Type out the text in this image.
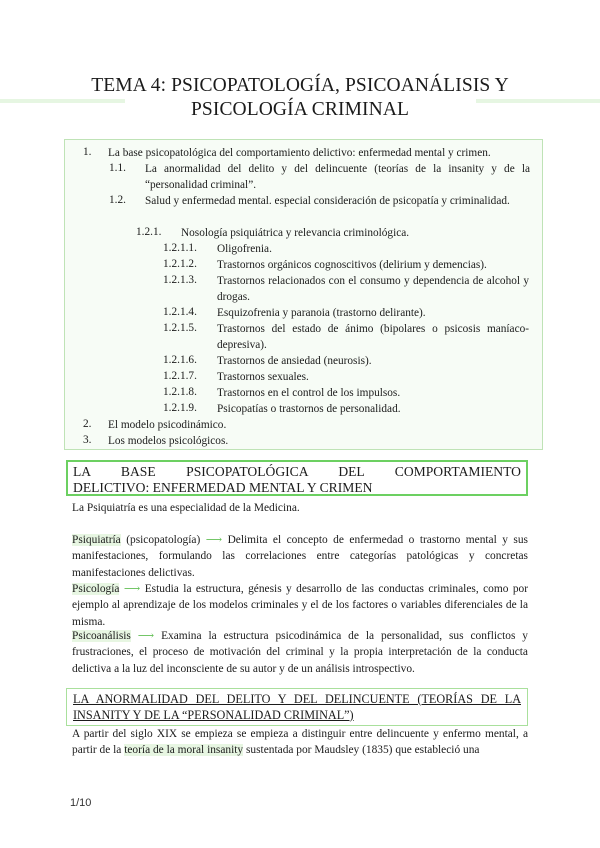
TEMA 4: PSICOPATOLOGÍA, PSICOANÁLISIS Y
PSICOLOGÍA CRIMINAL
1. La base psicopatológica del comportamiento delictivo: enfermedad mental y crimen.
1.1. La anormalidad del delito y del delincuente (teorías de la insanity y de la “personalidad criminal”.
1.2. Salud y enfermedad mental. especial consideración de psicopatía y criminalidad.
1.2.1. Nosología psiquiátrica y relevancia criminológica.
1.2.1.1. Oligofrenia.
1.2.1.2. Trastornos orgánicos cognoscitivos (delirium y demencias).
1.2.1.3. Trastornos relacionados con el consumo y dependencia de alcohol y drogas.
1.2.1.4. Esquizofrenia y paranoia (trastorno delirante).
1.2.1.5. Trastornos del estado de ánimo (bipolares o psicosis maníaco-depresiva).
1.2.1.6. Trastornos de ansiedad (neurosis).
1.2.1.7. Trastornos sexuales.
1.2.1.8. Trastornos en el control de los impulsos.
1.2.1.9. Psicopatías o trastornos de personalidad.
2. El modelo psicodinámico.
3. Los modelos psicológicos.
LA BASE PSICOPATOLÓGICA DEL COMPORTAMIENTO
DELICTIVO: ENFERMEDAD MENTAL Y CRIMEN
La Psiquiatría es una especialidad de la Medicina.
Psiquiatría (psicopatología) ⟶ Delimita el concepto de enfermedad o trastorno mental y sus manifestaciones, formulando las correlaciones entre categorías patológicas y concretas manifestaciones delictivas.
Psicología ⟶ Estudia la estructura, génesis y desarrollo de las conductas criminales, como por ejemplo al aprendizaje de los modelos criminales y el de los factores o variables diferenciales de la misma.
Psicoanálisis ⟶ Examina la estructura psicodinámica de la personalidad, sus conflictos y frustraciones, el proceso de motivación del criminal y la propia interpretación de la conducta delictiva a la luz del inconsciente de su autor y de un análisis introspectivo.
LA ANORMALIDAD DEL DELITO Y DEL DELINCUENTE (TEORÍAS DE LA INSANITY Y DE LA “PERSONALIDAD CRIMINAL”)
A partir del siglo XIX se empieza se empieza a distinguir entre delincuente y enfermo mental, a partir de la teoría de la moral insanity sustentada por Maudsley (1835) que estableció una
1/10
